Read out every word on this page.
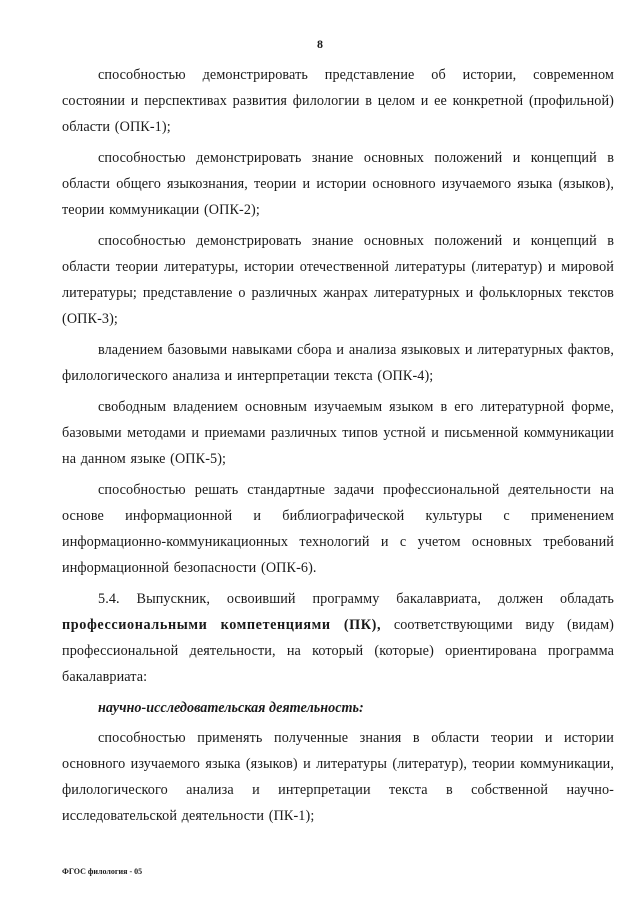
8

способностью демонстрировать представление об истории, современном состоянии и перспективах развития филологии в целом и ее конкретной (профильной) области (ОПК-1);

способностью демонстрировать знание основных положений и концепций в области общего языкознания, теории и истории основного изучаемого языка (языков), теории коммуникации (ОПК-2);

способностью демонстрировать знание основных положений и концепций в области теории литературы, истории отечественной литературы (литератур) и мировой литературы; представление о различных жанрах литературных и фольклорных текстов (ОПК-3);

владением базовыми навыками сбора и анализа языковых и литературных фактов, филологического анализа и интерпретации текста (ОПК-4);

свободным владением основным изучаемым языком в его литературной форме, базовыми методами и приемами различных типов устной и письменной коммуникации на данном языке (ОПК-5);

способностью решать стандартные задачи профессиональной деятельности на основе информационной и библиографической культуры с применением информационно-коммуникационных технологий и с учетом основных требований информационной безопасности (ОПК-6).

5.4. Выпускник, освоивший программу бакалавриата, должен обладать профессиональными компетенциями (ПК), соответствующими виду (видам) профессиональной деятельности, на который (которые) ориентирована программа бакалавриата:

научно-исследовательская деятельность:

способностью применять полученные знания в области теории и истории основного изучаемого языка (языков) и литературы (литератур), теории коммуникации, филологического анализа и интерпретации текста в собственной научно-исследовательской деятельности (ПК-1);

ФГОС филология - 05
